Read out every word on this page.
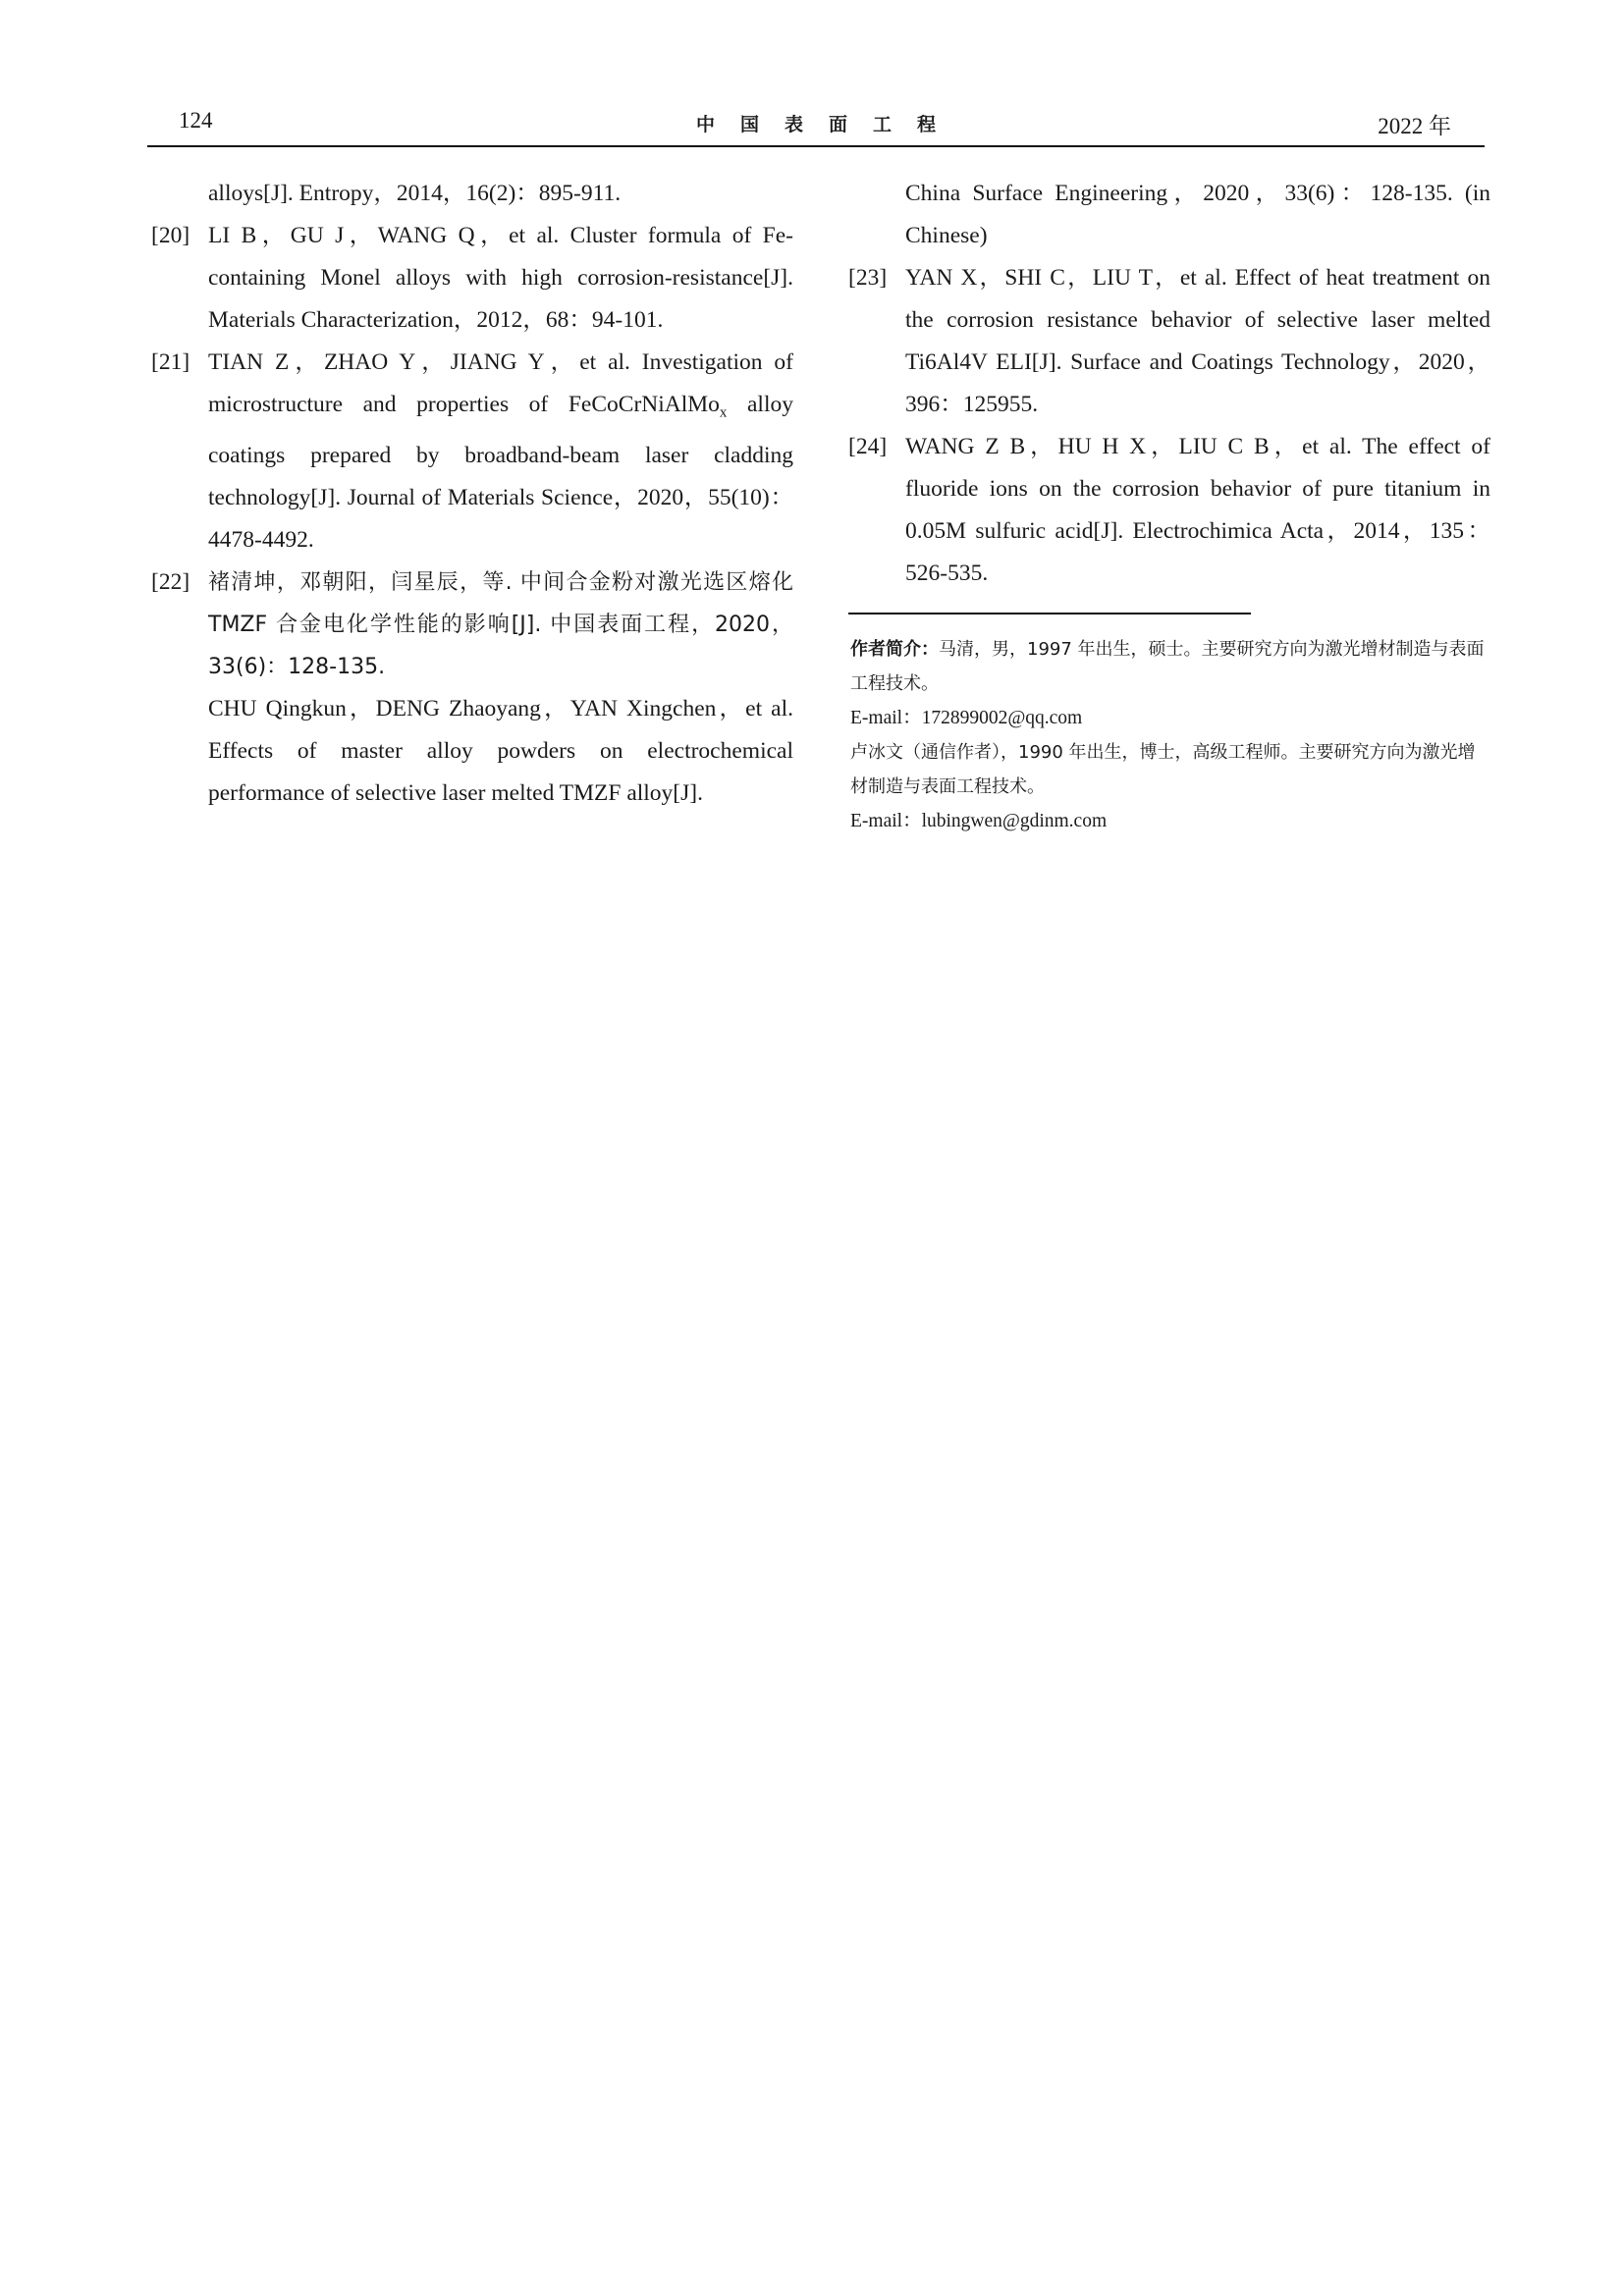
124	中国表面工程	2022 年
alloys[J]. Entropy，2014，16(2)：895-911.
[20] LI B，GU J，WANG Q，et al. Cluster formula of Fe-containing Monel alloys with high corrosion-resistance[J]. Materials Characterization，2012，68：94-101.
[21] TIAN Z，ZHAO Y，JIANG Y，et al. Investigation of microstructure and properties of FeCoCrNiAlMo$_x$ alloy coatings prepared by broadband-beam laser cladding technology[J]. Journal of Materials Science，2020，55(10)：4478-4492.
[22] 褚清坤，邓朝阳，闫星辰，等. 中间合金粉对激光选区熔化 TMZF 合金电化学性能的影响[J]. 中国表面工程，2020，33(6)：128-135.
CHU Qingkun，DENG Zhaoyang，YAN Xingchen，et al. Effects of master alloy powders on electrochemical performance of selective laser melted TMZF alloy[J].
China Surface Engineering，2020，33(6)：128-135. (in Chinese)
[23] YAN X，SHI C，LIU T，et al. Effect of heat treatment on the corrosion resistance behavior of selective laser melted Ti6Al4V ELI[J]. Surface and Coatings Technology，2020，396：125955.
[24] WANG Z B，HU H X，LIU C B，et al. The effect of fluoride ions on the corrosion behavior of pure titanium in 0.05M sulfuric acid[J]. Electrochimica Acta，2014，135：526-535.

作者简介：马清，男，1997 年出生，硕士。主要研究方向为激光增材制造与表面工程技术。

E-mail：172899002@qq.com

卢冰文（通信作者），1990 年出生，博士，高级工程师。主要研究方向为激光增材制造与表面工程技术。

E-mail：lubingwen@gdinm.com
